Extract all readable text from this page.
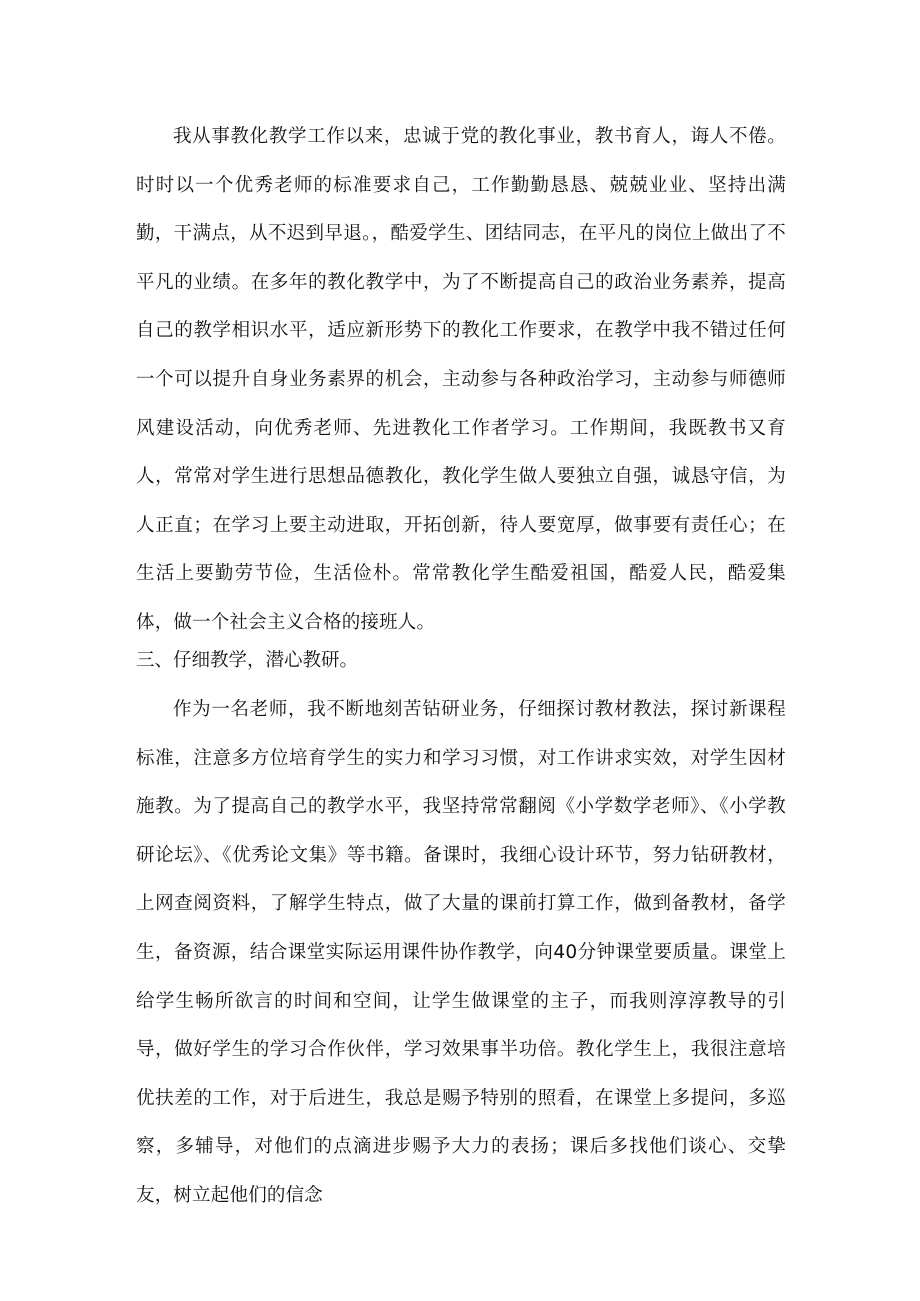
我从事教化教学工作以来，忠诚于党的教化事业，教书育人，诲人不倦。时时以一个优秀老师的标准要求自己，工作勤勤恳恳、兢兢业业、坚持出满勤，干满点，从不迟到早退。，酷爱学生、团结同志，在平凡的岗位上做出了不平凡的业绩。在多年的教化教学中，为了不断提高自己的政治业务素养，提高自己的教学相识水平，适应新形势下的教化工作要求，在教学中我不错过任何一个可以提升自身业务素界的机会，主动参与各种政治学习，主动参与师德师风建设活动，向优秀老师、先进教化工作者学习。工作期间，我既教书又育人，常常对学生进行思想品德教化，教化学生做人要独立自强，诚恳守信，为人正直；在学习上要主动进取，开拓创新，待人要宽厚，做事要有责任心；在生活上要勤劳节俭，生活俭朴。常常教化学生酷爱祖国，酷爱人民，酷爱集体，做一个社会主义合格的接班人。

三、仔细教学，潜心教研。

作为一名老师，我不断地刻苦钻研业务，仔细探讨教材教法，探讨新课程标准，注意多方位培育学生的实力和学习习惯，对工作讲求实效，对学生因材施教。为了提高自己的教学水平，我坚持常常翻阅《小学数学老师》、《小学教研论坛》、《优秀论文集》等书籍。备课时，我细心设计环节，努力钻研教材，上网查阅资料，了解学生特点，做了大量的课前打算工作，做到备教材，备学生，备资源，结合课堂实际运用课件协作教学，向40分钟课堂要质量。课堂上给学生畅所欲言的时间和空间，让学生做课堂的主子，而我则淳淳教导的引导，做好学生的学习合作伙伴，学习效果事半功倍。教化学生上，我很注意培优扶差的工作，对于后进生，我总是赐予特别的照看，在课堂上多提问，多巡察，多辅导，对他们的点滴进步赐予大力的表扬；课后多找他们谈心、交挚友，树立起他们的信念
